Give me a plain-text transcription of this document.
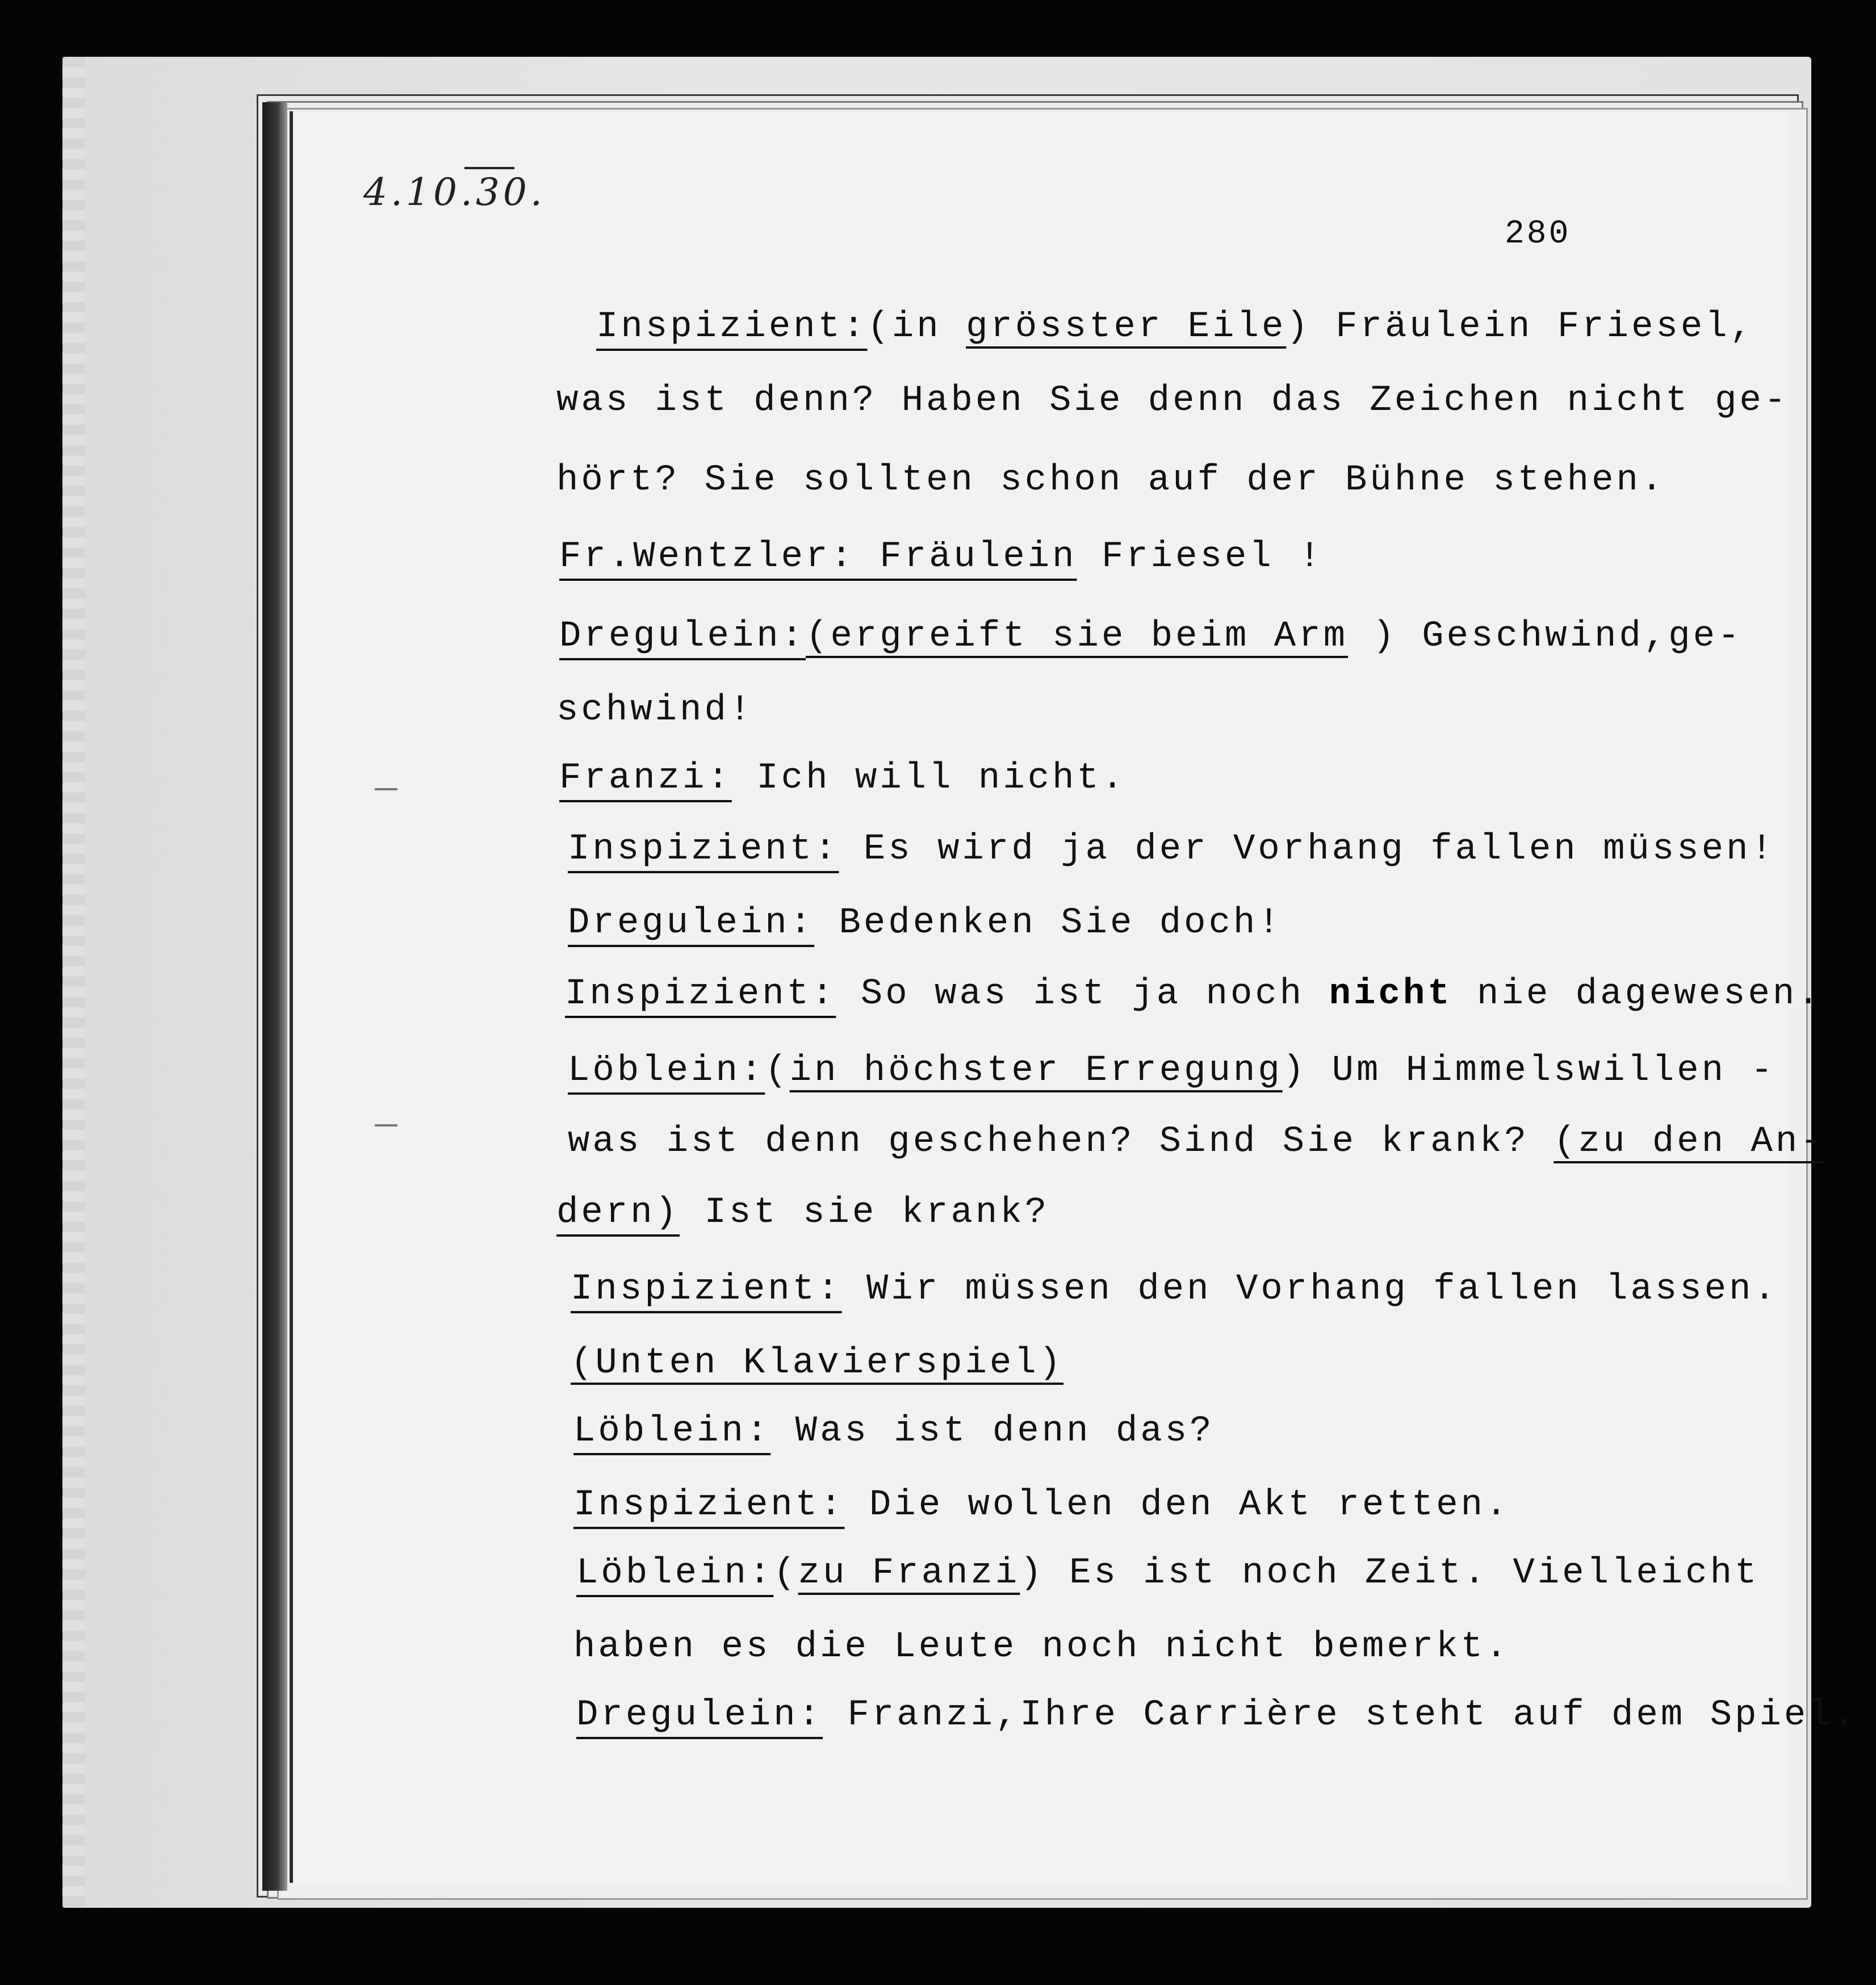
4.10.30.
280
Inspizient:(in grösster Eile) Fräulein Friesel,
was ist denn? Haben Sie denn das Zeichen nicht ge-
hört? Sie sollten schon auf der Bühne stehen.
Fr.Wentzler: Fräulein Friesel !
Dregulein:(ergreift sie beim Arm ) Geschwind,ge-
schwind!
Franzi: Ich will nicht.
Inspizient: Es wird ja der Vorhang fallen müssen!
Dregulein: Bedenken Sie doch!
Inspizient: So was ist ja noch nicht nie dagewesen.
Löblein:(in höchster Erregung) Um Himmelswillen -
was ist denn geschehen? Sind Sie krank? (zu den An-
dern) Ist sie krank?
Inspizient: Wir müssen den Vorhang fallen lassen.
(Unten Klavierspiel)
Löblein: Was ist denn das?
Inspizient: Die wollen den Akt retten.
Löblein:(zu Franzi) Es ist noch Zeit. Vielleicht
haben es die Leute noch nicht bemerkt.
Dregulein: Franzi,Ihre Carrière steht auf dem Spiel.
